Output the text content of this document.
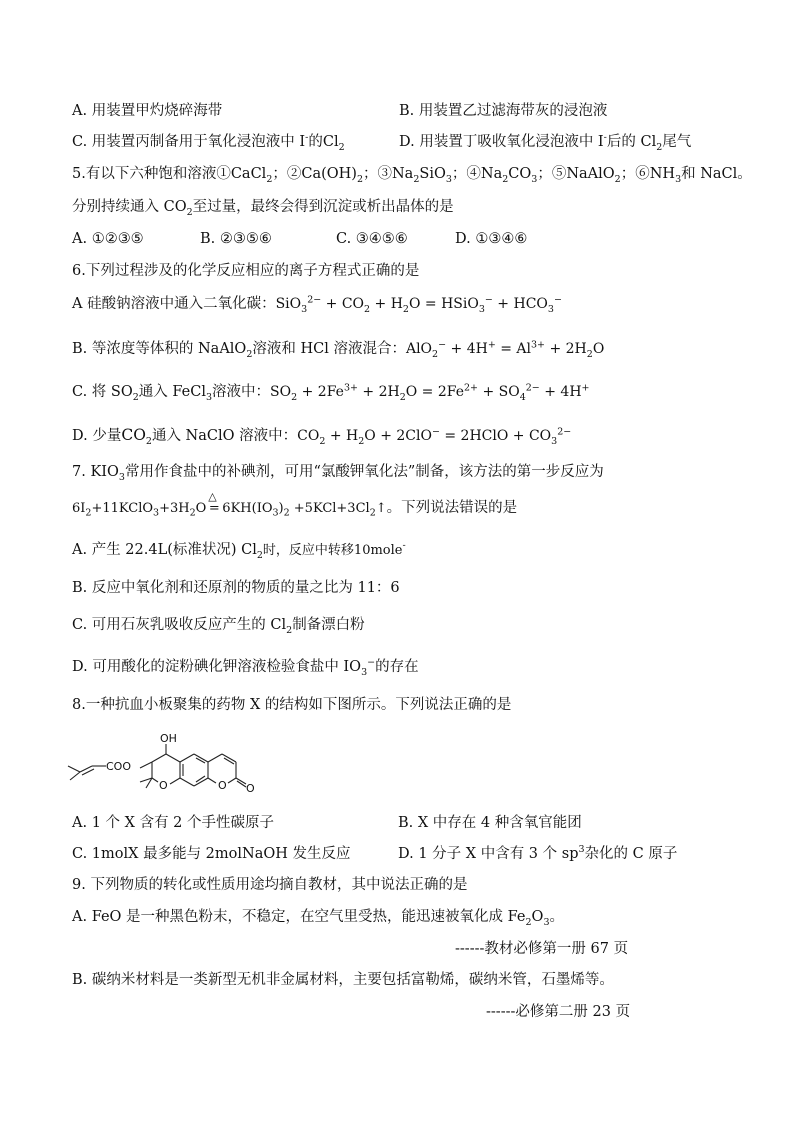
A. 用装置甲灼烧碎海带	B. 用装置乙过滤海带灰的浸泡液
C. 用装置丙制备用于氧化浸泡液中 I-的$Cl_2$	D. 用装置丁吸收氧化浸泡液中 I-后的 $Cl_2$尾气
5.有以下六种饱和溶液①CaCl$_2$；$②Ca(OH)_2$；$③Na_2SiO_3$；$④Na_2CO_3$；⑤NaAlO$_2$；$⑥NH_3$和 NaCl。
分别持续通入 $CO_2$至过量，最终会得到沉淀或析出晶体的是
A. ①②③⑤	B. ②③⑤⑥	C. ③④⑤⑥	D. ①③④⑥
6.下列过程涉及的化学反应相应的离子方程式正确的是
A 硅酸钠溶液中通入二氧化碳：$SiO_3^{2-} + CO_2 + H_2O$ = HSiO$_3$− + $HCO_3^-$
B. 等浓度等体积的 NaAlO$_2$溶液和 HCl 溶液混合：$AlO_2^- + 4H^+ = Al^{3+} + 2H_2O$
C. 将 $SO_2$通入 FeCl$_3$溶液中：$SO_2 + 2Fe^{3+} + 2H_2O = 2Fe^{2+} + SO_4^{2-} + 4H^+$
D. 少量$CO_2$通入 NaClO 溶液中：$CO_2 + H_2O + 2ClO^-$ = 2HClO + $CO_3^{2-}$
7. $KIO_3$常用作食盐中的补碘剂，可用“氯酸钾氧化法”制备，该方法的第一步反应为
$6I_2+11KClO_3+3H_2O$
△
= $6KH(IO_3)_2$ $+5KCl+3Cl_2↑$。下列说法错误的是
A. 产生 22.4L(标准状况) $Cl_2$时，反应中转移10mole-
B. 反应中氧化剂和还原剂的物质的量之比为 11：6
C. 可用石灰乳吸收反应产生的 $Cl_2$制备漂白粉
D. 可用酸化的淀粉碘化钾溶液检验食盐中 $IO_3^-$的存在
8.一种抗血小板聚集的药物 X 的结构如下图所示。下列说法正确的是
COO
OH
O	O O
A. 1 个 X 含有 2 个手性碳原子	B. X 中存在 4 种含氧官能团
C. 1molX 最多能与 2molNaOH 发生反应	D. 1 分子 X 中含有 3 个 $sp^3$杂化的 C 原子
9. 下列物质的转化或性质用途均摘自教材，其中说法正确的是
A. FeO 是一种黑色粉末，不稳定，在空气里受热，能迅速被氧化成 $Fe_2O_3$。
------教材必修第一册 67 页
B. 碳纳米材料是一类新型无机非金属材料，主要包括富勒烯，碳纳米管，石墨烯等。
------必修第二册 23 页
